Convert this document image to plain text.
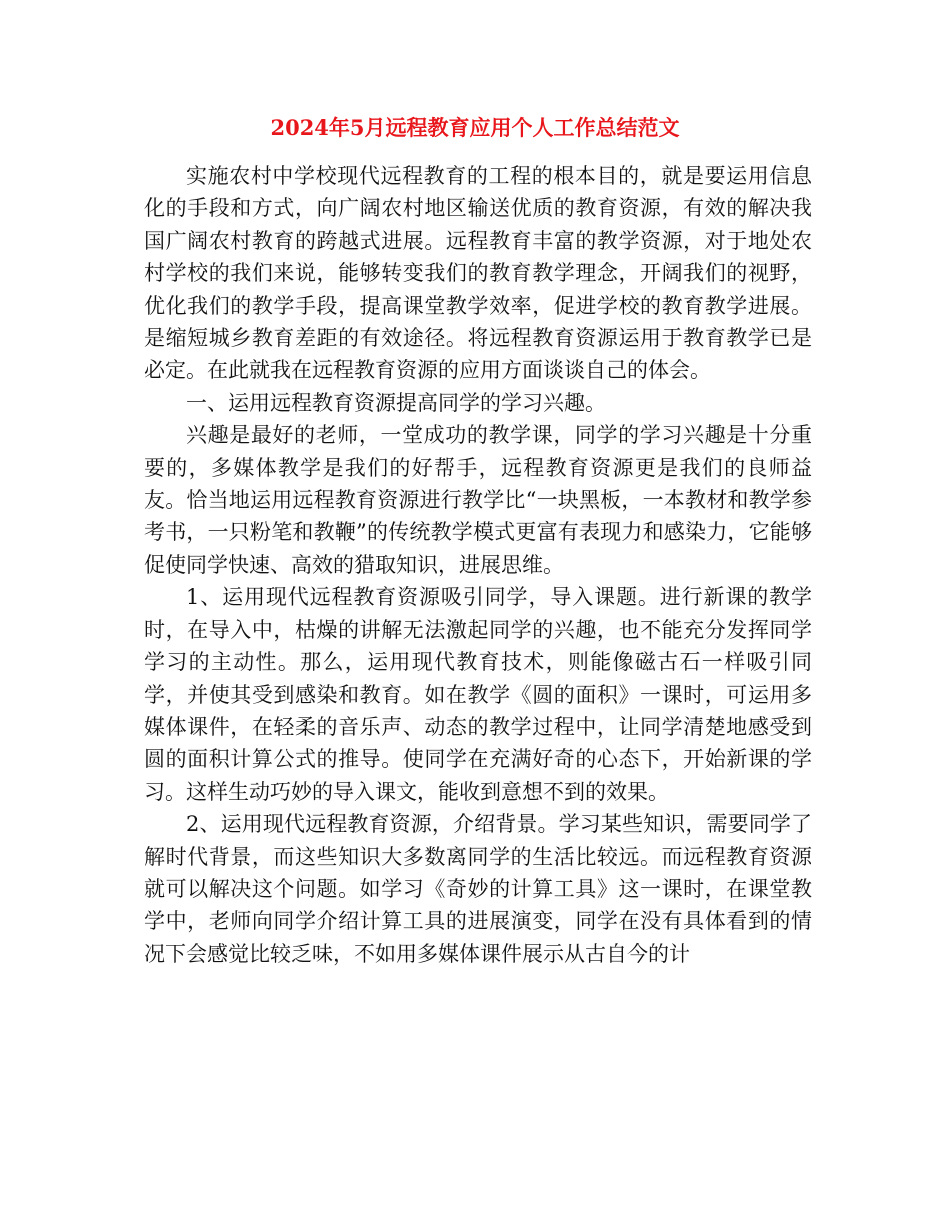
2024年5月远程教育应用个人工作总结范文

实施农村中学校现代远程教育的工程的根本目的，就是要运用信息化的手段和方式，向广阔农村地区输送优质的教育资源，有效的解决我国广阔农村教育的跨越式进展。远程教育丰富的教学资源，对于地处农村学校的我们来说，能够转变我们的教育教学理念，开阔我们的视野，优化我们的教学手段，提高课堂教学效率，促进学校的教育教学进展。是缩短城乡教育差距的有效途径。将远程教育资源运用于教育教学已是必定。在此就我在远程教育资源的应用方面谈谈自己的体会。

一、运用远程教育资源提高同学的学习兴趣。

兴趣是最好的老师，一堂成功的教学课，同学的学习兴趣是十分重要的，多媒体教学是我们的好帮手，远程教育资源更是我们的良师益友。恰当地运用远程教育资源进行教学比“一块黑板，一本教材和教学参考书，一只粉笔和教鞭”的传统教学模式更富有表现力和感染力，它能够促使同学快速、高效的猎取知识，进展思维。

1、运用现代远程教育资源吸引同学，导入课题。进行新课的教学时，在导入中，枯燥的讲解无法激起同学的兴趣，也不能充分发挥同学学习的主动性。那么，运用现代教育技术，则能像磁古石一样吸引同学，并使其受到感染和教育。如在教学《圆的面积》一课时，可运用多媒体课件，在轻柔的音乐声、动态的教学过程中，让同学清楚地感受到圆的面积计算公式的推导。使同学在充满好奇的心态下，开始新课的学习。这样生动巧妙的导入课文，能收到意想不到的效果。

2、运用现代远程教育资源，介绍背景。学习某些知识，需要同学了解时代背景，而这些知识大多数离同学的生活比较远。而远程教育资源就可以解决这个问题。如学习《奇妙的计算工具》这一课时，在课堂教学中，老师向同学介绍计算工具的进展演变，同学在没有具体看到的情况下会感觉比较乏味，不如用多媒体课件展示从古自今的计
